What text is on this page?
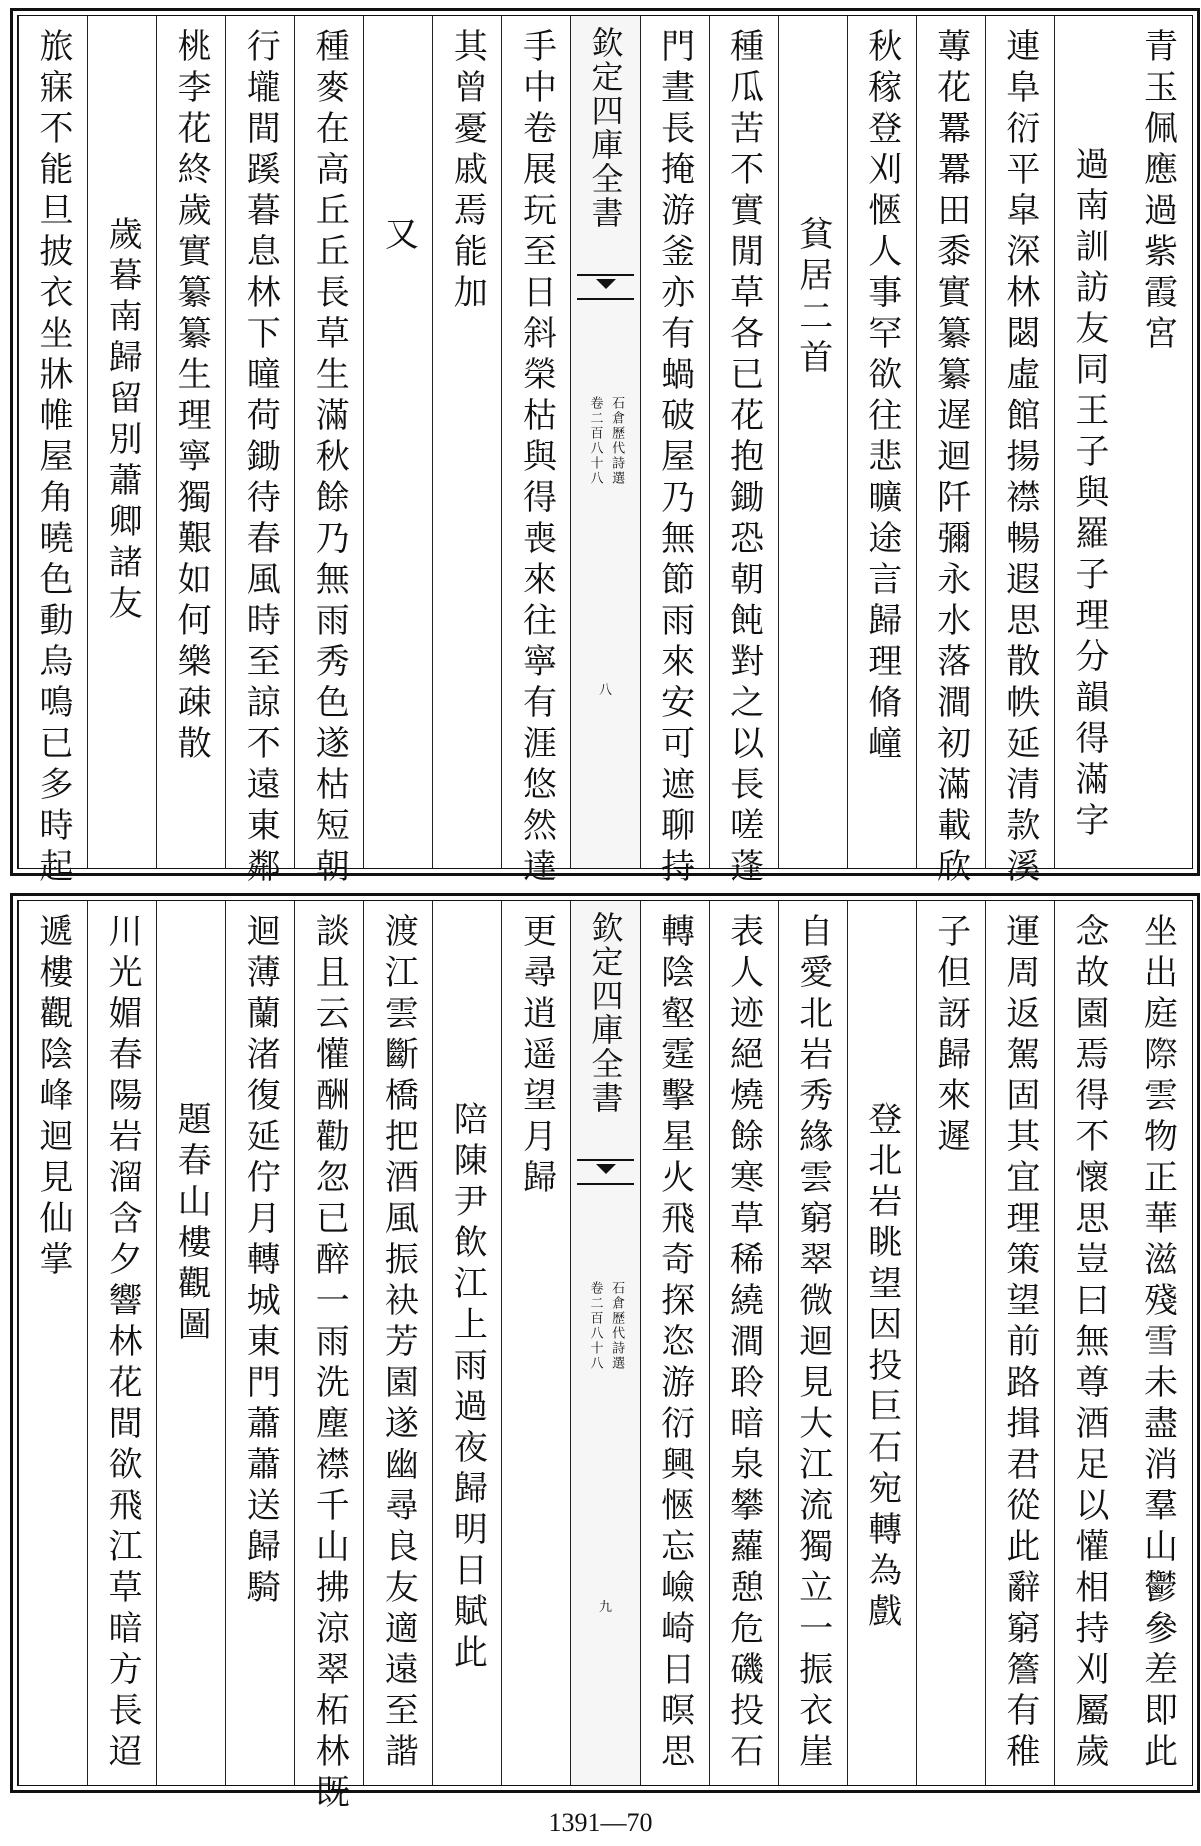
青玉佩應過紫霞宮
過南訓訪友同王子與羅子理分韻得滿字
連阜衍平皐深林閟虛館揚襟暢遐思散帙延清款溪
蓴花羃羃田黍實纂纂遅迴阡彌永水落澗初滿載欣
秋稼登刈愜人事罕欲往悲曠途言歸理脩㠉
貧居二首
種瓜苦不實閒草各已花抱鋤恐朝飩對之以長嗟蓬
門晝長掩游釜亦有蝸破屋乃無節雨來安可遮聊持
欽定四庫全書
石倉歷代詩選
卷二百八十八
八
手中卷展玩至日斜榮枯與得喪來往寧有涯悠然達
其曾憂戚焉能加
又
種麥在高丘丘長草生滿秋餘乃無雨秀色遂枯短朝
行壠間蹊暮息林下曈荷鋤待春風時至諒不遠東鄰
桃李花終歲實纂纂生理寧獨艱如何樂疎散
歲暮南歸留別蕭卿諸友
旅寐不能旦披衣坐牀帷屋角曉色動烏鳴已多時起
坐出庭際雲物正華滋殘雪未盡消羣山鬱參差即此
念故園焉得不懷思豈曰無尊酒足以懽相持刈屬歲
運周返駕固其宜理策望前路揖君從此辭窮簷有稚
子但訝歸來遲
登北岩眺望因投巨石宛轉為戲
自愛北岩秀緣雲窮翠微迴見大江流獨立一振衣崖
表人迹絕燒餘寒草稀繞澗聆暗泉攀蘿憩危磯投石
轉陰壑霆擊星火飛奇探恣游衍興愜忘嶮崎日暝思
欽定四庫全書
石倉歷代詩選
卷二百八十八
九
更尋逍遥望月歸
陪陳尹飲江上雨過夜歸明日賦此
渡江雲斷橋把酒風振袂芳園遂幽尋良友適遠至諧
談且云懽酬勸忽已醉一雨洗塵襟千山拂涼翠柘林既
迴薄蘭渚復延佇月轉城東門蕭蕭送歸騎
題春山樓觀圖
川光媚春陽岩溜含夕響林花間欲飛江草暗方長迢
遞樓觀陰峰迴見仙掌
1391—70
